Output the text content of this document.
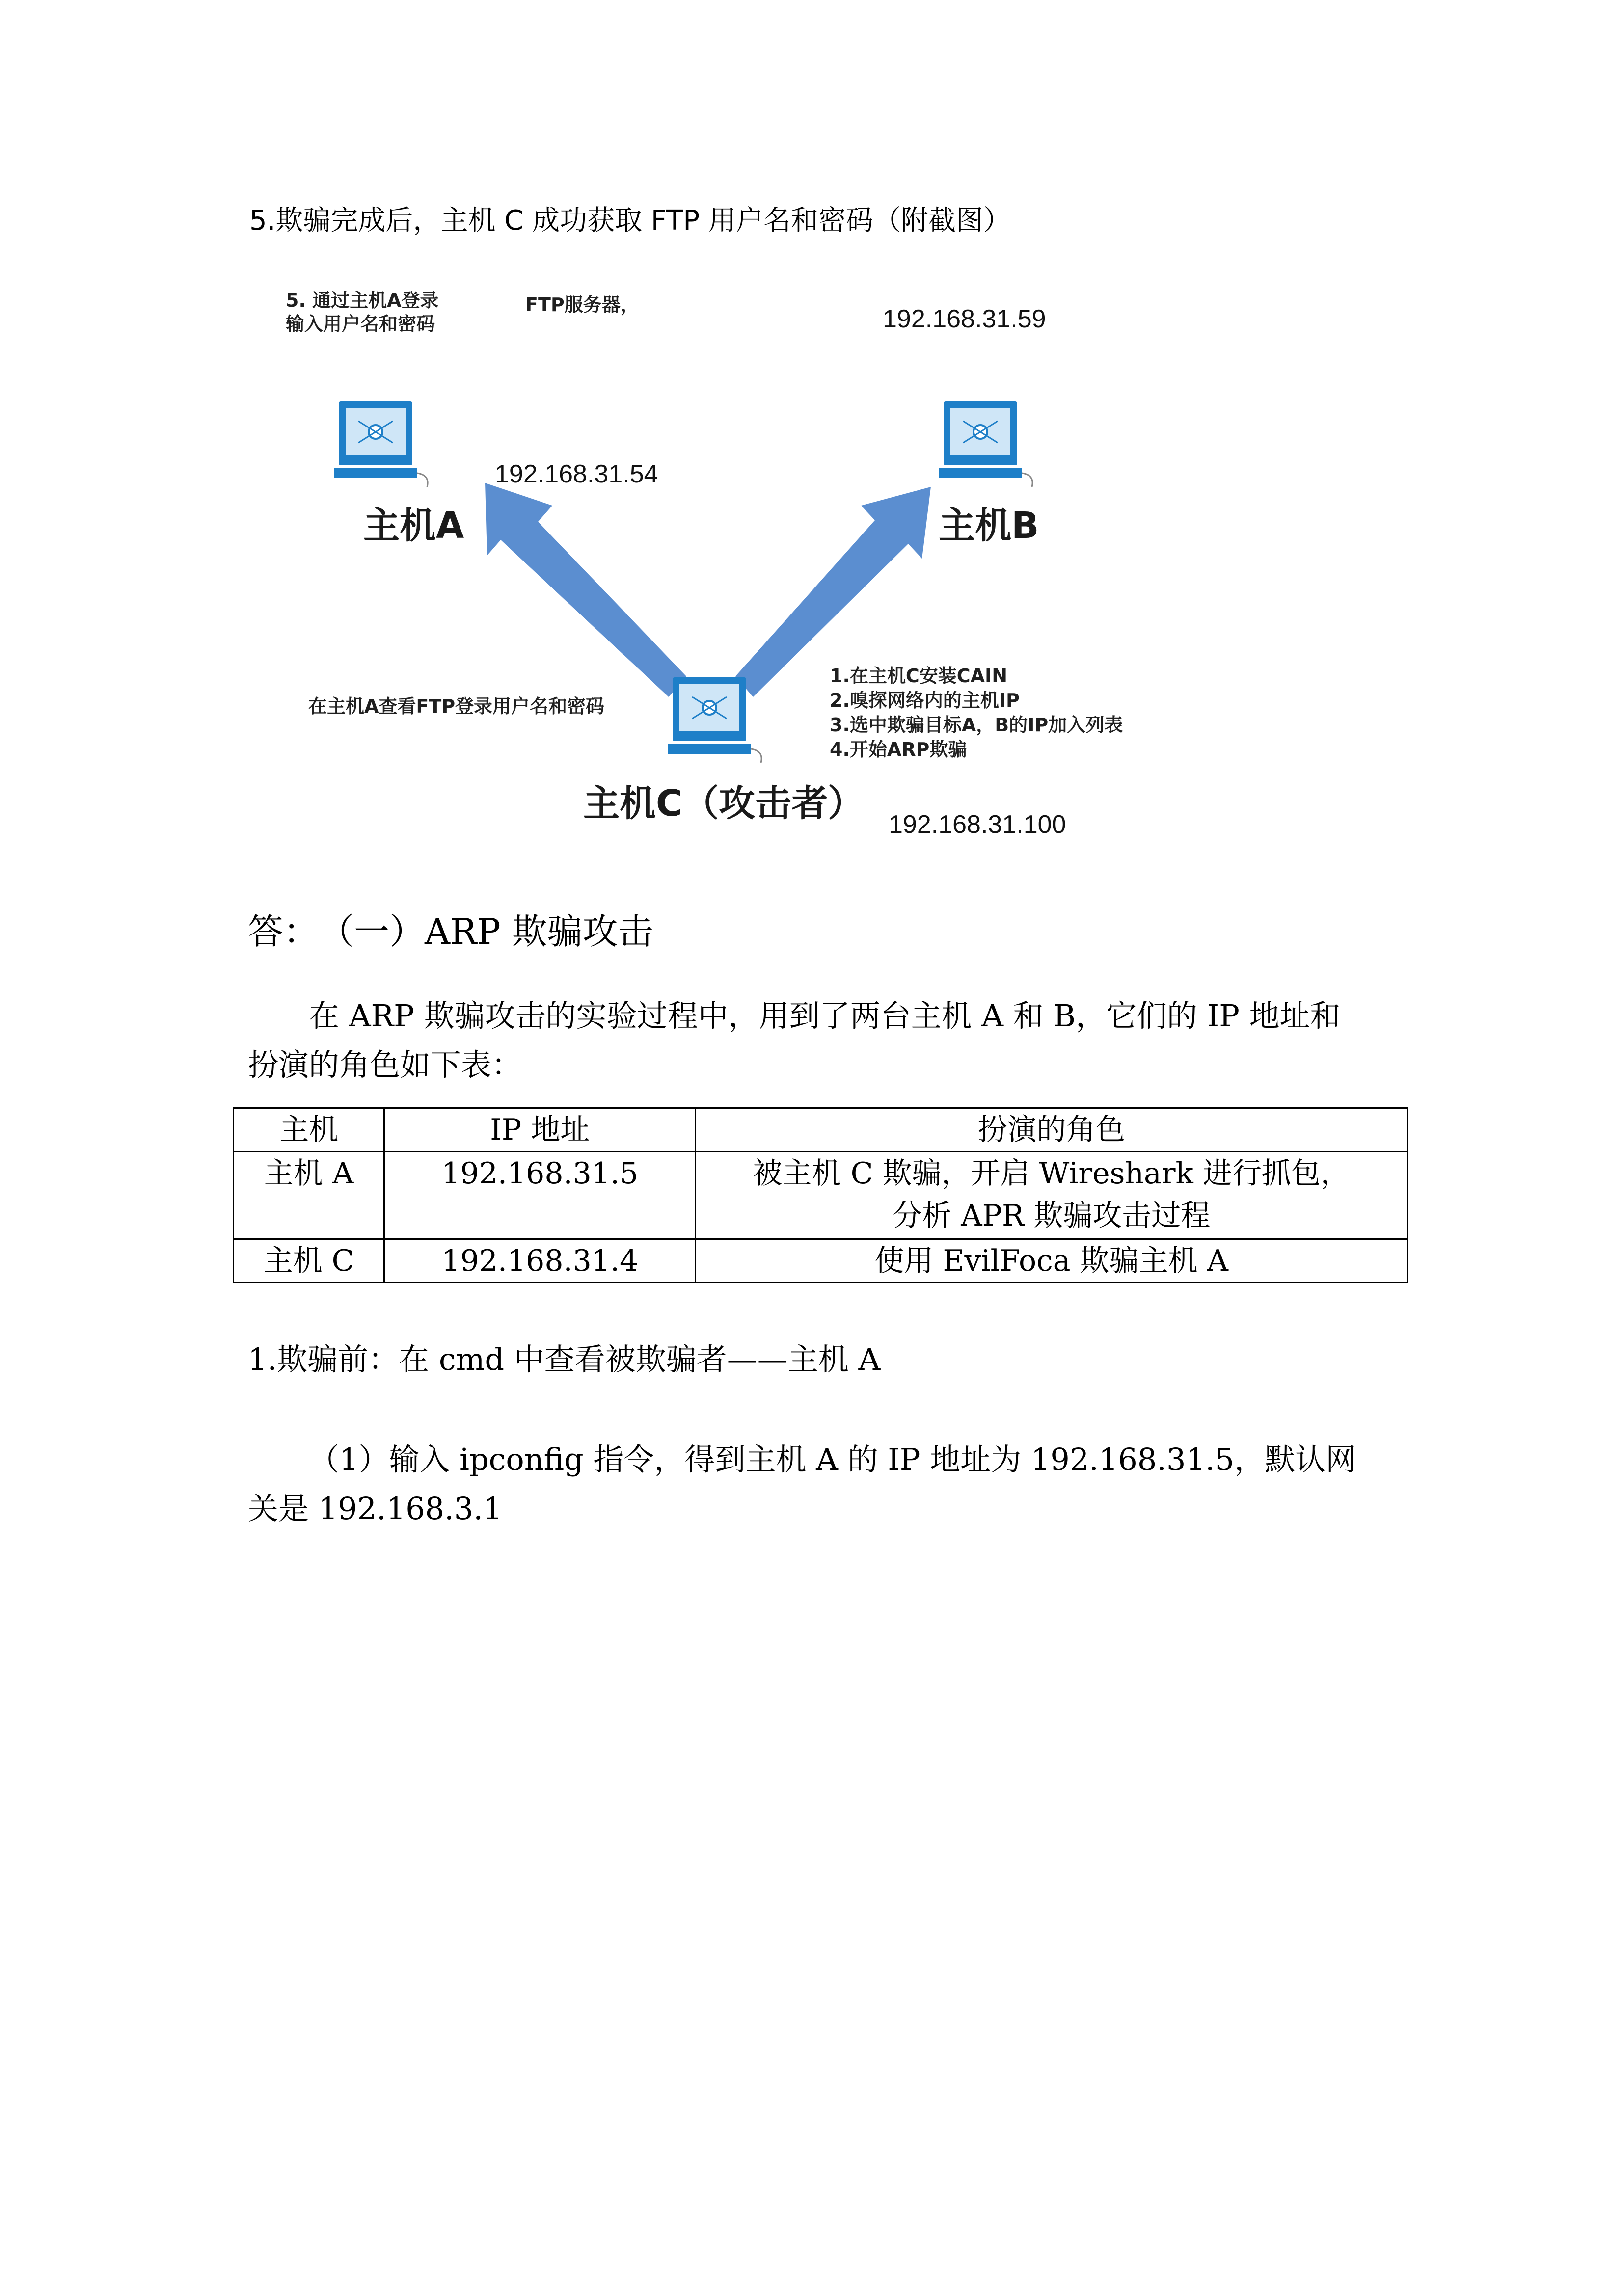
5.欺骗完成后，主机 C 成功获取 FTP 用户名和密码（附截图）
5. 通过主机A登录
输入用户名和密码
FTP服务器，	192.168.31.59
192.168.31.54
主机A	主机B
主机C（攻击者） 192.168.31.100
在主机A查看FTP登录用户名和密码
1.在主机C安装CAIN
2.嗅探网络内的主机IP
3.选中欺骗目标A，B的IP加入列表
4.开始ARP欺骗
答： （一）ARP 欺骗攻击
在 ARP 欺骗攻击的实验过程中，用到了两台主机 A 和 B，它们的 IP 地址和
扮演的角色如下表：
主机	IP 地址	扮演的角色
主机 A	192.168.31.5	被主机 C 欺骗，开启 Wireshark 进行抓包，
分析 APR 欺骗攻击过程

主机 C	192.168.31.4	使用 EvilFoca 欺骗主机 A
1.欺骗前：在 cmd 中查看被欺骗者——主机 A
（1）输入 ipconfig 指令，得到主机 A 的 IP 地址为 192.168.31.5，默认网
关是 192.168.3.1
